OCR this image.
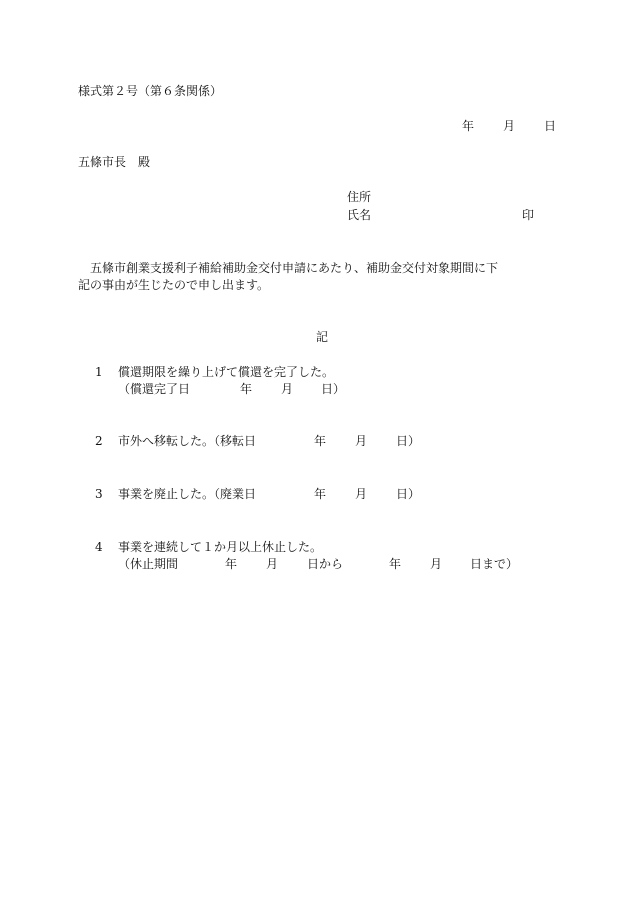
様式第２号（第６条関係）
年 月 日
五條市長　殿
住所
氏名	印
五條市創業支援利子補給補助金交付申請にあたり、補助金交付対象期間に下
記の事由が生じたので申し出ます。
記
1 償還期限を繰り上げて償還を完了した。
（償還完了日	年 月 日）
2 市外へ移転した。（移転日	年 月 日）
3 事業を廃止した。（廃業日	年 月 日）
4 事業を連続して１か月以上休止した。
（休止期間	年 月 日から	年 月 日まで）
